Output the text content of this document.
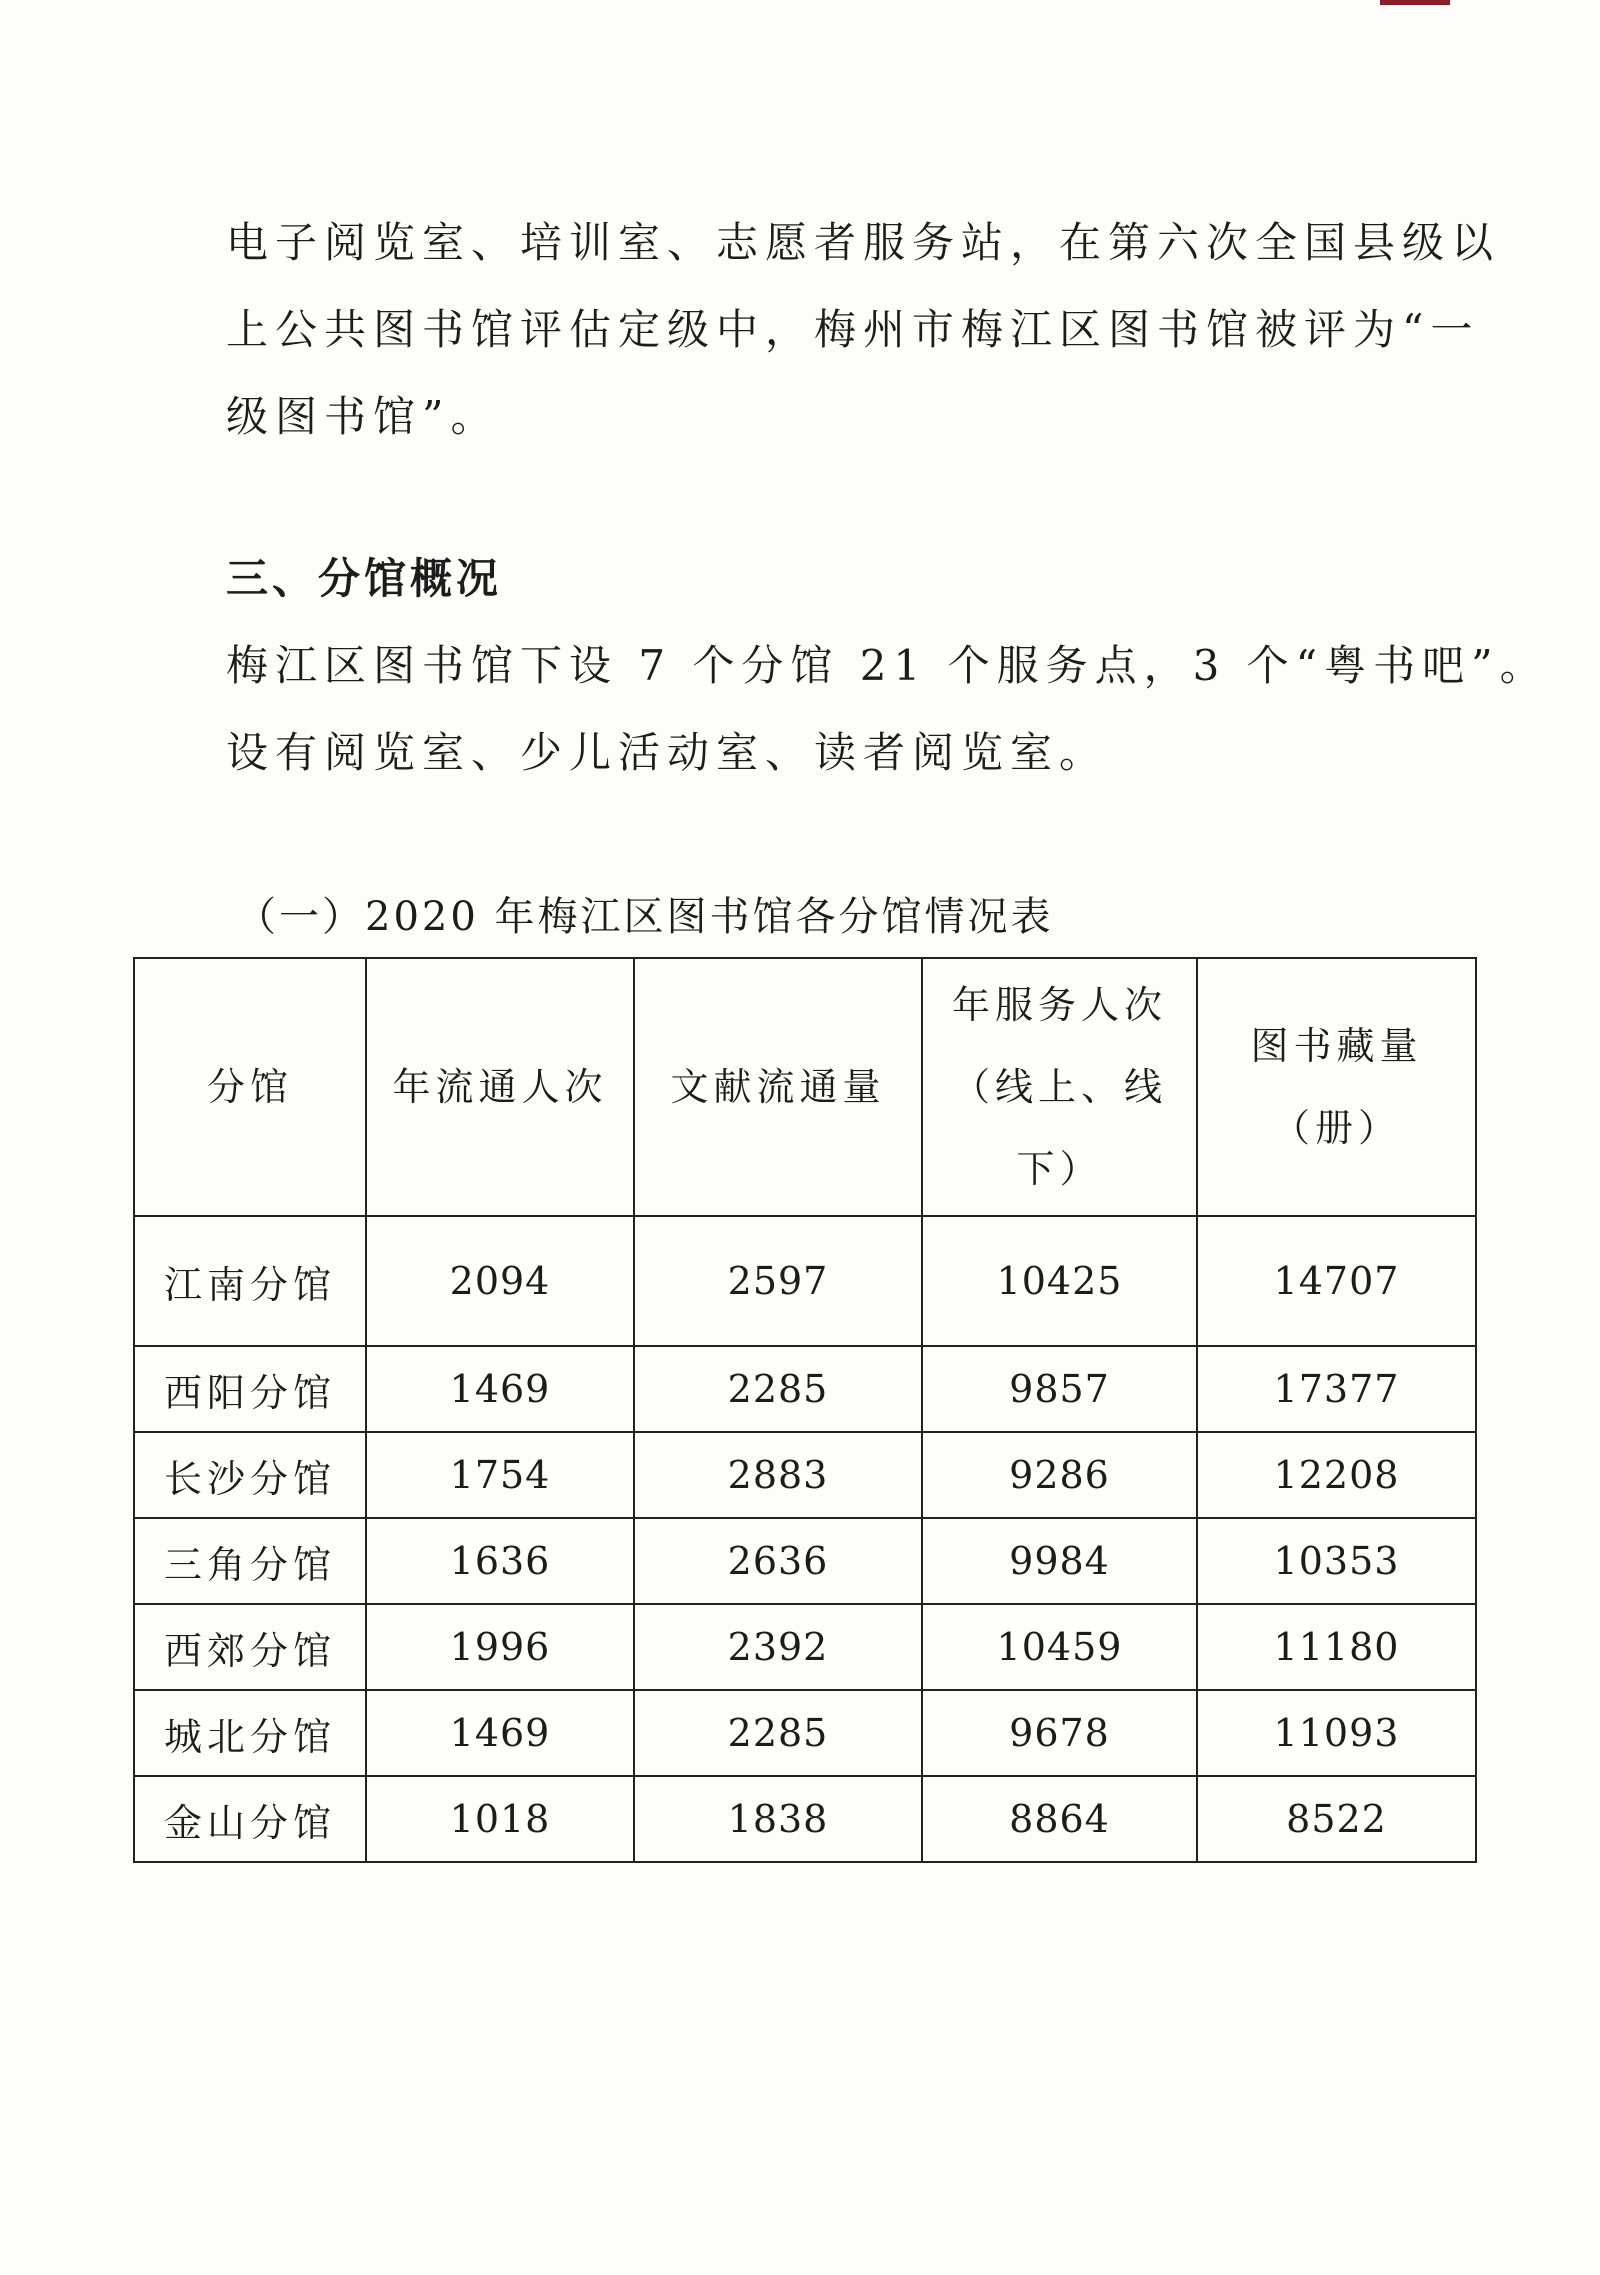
电子阅览室、培训室、志愿者服务站，在第六次全国县级以
上公共图书馆评估定级中，梅州市梅江区图书馆被评为“一
级图书馆”。
三、分馆概况
梅江区图书馆下设 7 个分馆 21 个服务点，3 个“粤书吧”。
设有阅览室、少儿活动室、读者阅览室。
（一）2020 年梅江区图书馆各分馆情况表
分馆	年流通人次	文献流通量	年服务人次（线上、线下）	图书藏量（册）
江南分馆	2094	2597	10425	14707
西阳分馆	1469	2285	9857	17377
长沙分馆	1754	2883	9286	12208
三角分馆	1636	2636	9984	10353
西郊分馆	1996	2392	10459	11180
城北分馆	1469	2285	9678	11093
金山分馆	1018	1838	8864	8522
